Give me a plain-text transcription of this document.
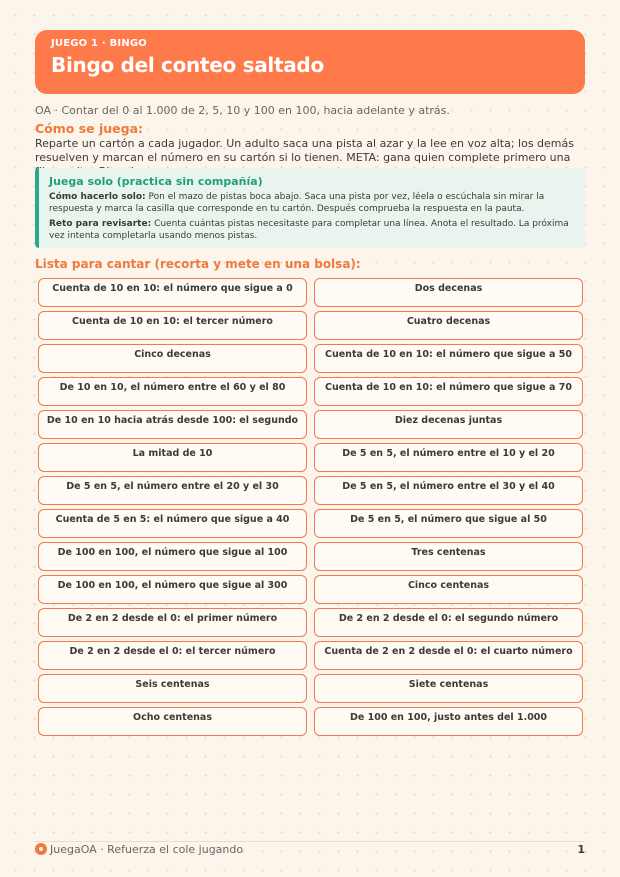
JUEGO 1 · BINGO
Bingo del conteo saltado
OA · Contar del 0 al 1.000 de 2, 5, 10 y 100 en 100, hacia adelante y atrás.
Cómo se juega:
Reparte un cartón a cada jugador. Un adulto saca una pista al azar y la lee en voz alta; los demás resuelven y marcan el número en su cartón si lo tienen. META: gana quien complete primero una
Juega solo (practica sin compañía)

Cómo hacerlo solo: Pon el mazo de pistas boca abajo. Saca una pista por vez, léela o escúchala sin mirar la respuesta y marca la casilla que corresponde en tu cartón. Después comprueba la respuesta en la pauta.

Reto para revisarte: Cuenta cuántas pistas necesitaste para completar una línea. Anota el resultado. La próxima vez intenta completarla usando menos pistas.

Lista para cantar (recorta y mete en una bolsa):
Cuenta de 10 en 10: el número que sigue a 0	Dos decenas
Cuenta de 10 en 10: el tercer número	Cuatro decenas
Cinco decenas	Cuenta de 10 en 10: el número que sigue a 50
De 10 en 10, el número entre el 60 y el 80	Cuenta de 10 en 10: el número que sigue a 70
De 10 en 10 hacia atrás desde 100: el segundo	Diez decenas juntas
La mitad de 10	De 5 en 5, el número entre el 10 y el 20
De 5 en 5, el número entre el 20 y el 30	De 5 en 5, el número entre el 30 y el 40
Cuenta de 5 en 5: el número que sigue a 40	De 5 en 5, el número que sigue al 50
De 100 en 100, el número que sigue al 100	Tres centenas
De 100 en 100, el número que sigue al 300	Cinco centenas
De 2 en 2 desde el 0: el primer número	De 2 en 2 desde el 0: el segundo número
De 2 en 2 desde el 0: el tercer número	Cuenta de 2 en 2 desde el 0: el cuarto número
Seis centenas	Siete centenas
Ocho centenas	De 100 en 100, justo antes del 1.000
JuegaOA · Refuerza el cole jugando	1
